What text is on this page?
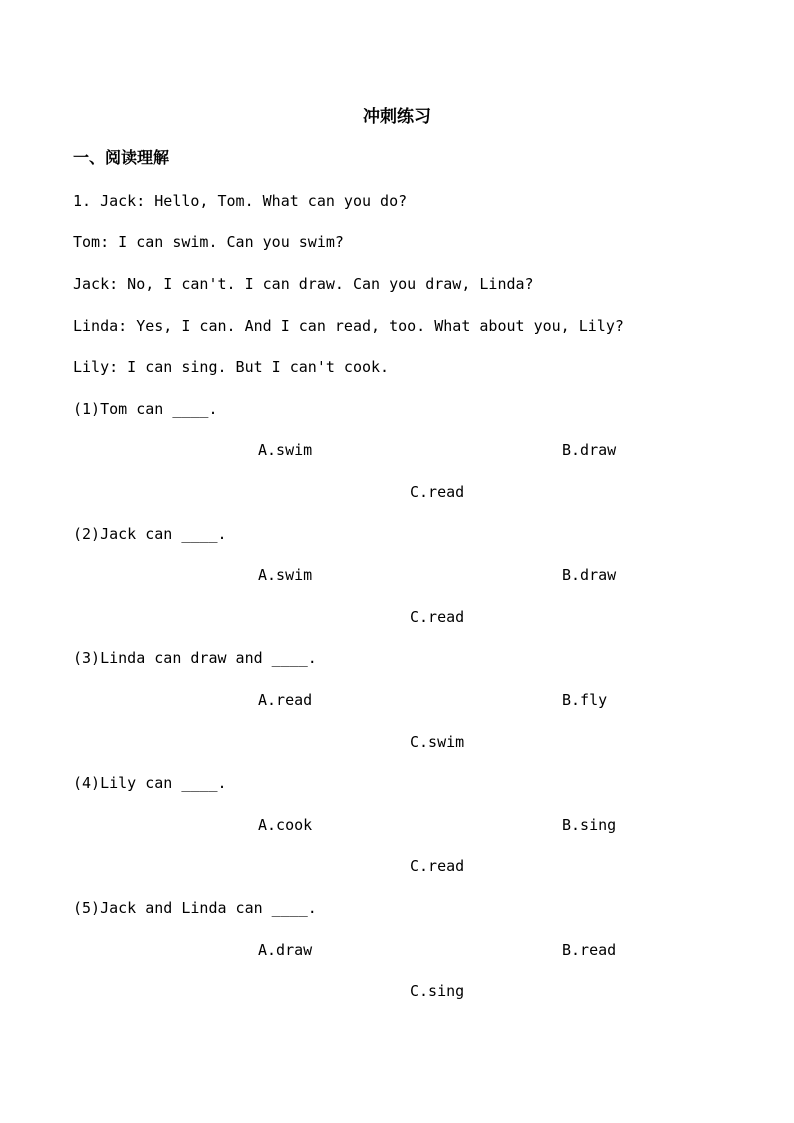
冲刺练习
一、阅读理解
1. Jack: Hello, Tom. What can you do?
Tom: I can swim. Can you swim?
Jack: No, I can't. I can draw. Can you draw, Linda?
Linda: Yes, I can. And I can read, too. What about you, Lily?
Lily: I can sing. But I can't cook.
(1)Tom can ____.
A.swim	B.draw
C.read
(2)Jack can ____.
A.swim	B.draw
C.read
(3)Linda can draw and ____.
A.read	B.fly
C.swim
(4)Lily can ____.
A.cook	B.sing
C.read
(5)Jack and Linda can ____.
A.draw	B.read
C.sing
